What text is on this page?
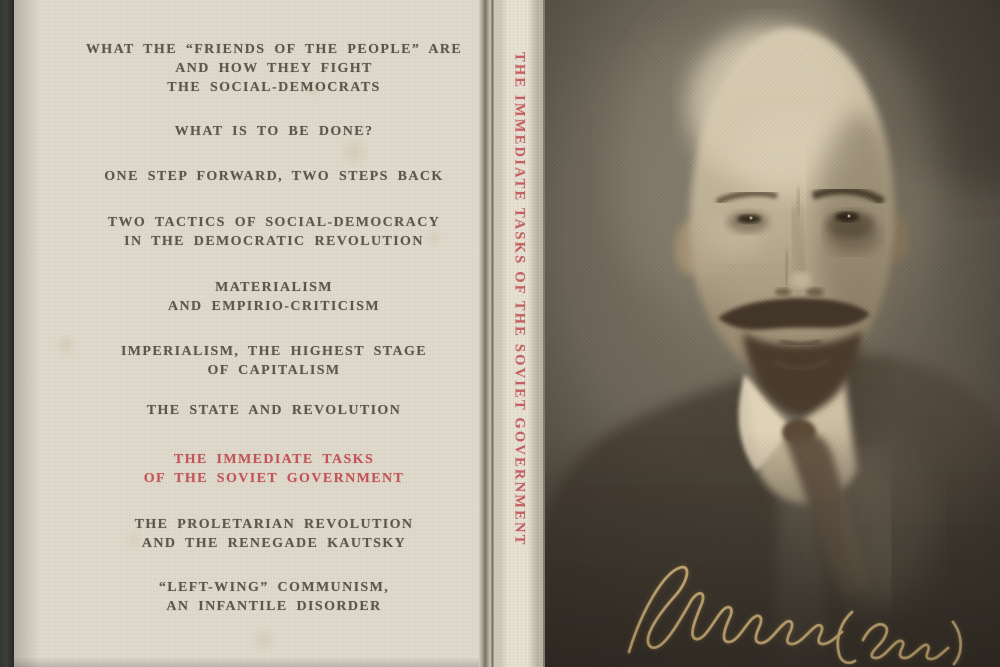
WHAT THE “FRIENDS OF THE PEOPLE” ARE
AND HOW THEY FIGHT
THE SOCIAL-DEMOCRATS
WHAT IS TO BE DONE?
ONE STEP FORWARD, TWO STEPS BACK
TWO TACTICS OF SOCIAL-DEMOCRACY
IN THE DEMOCRATIC REVOLUTION
MATERIALISM
AND EMPIRIO-CRITICISM
IMPERIALISM, THE HIGHEST STAGE
OF CAPITALISM
THE STATE AND REVOLUTION
THE IMMEDIATE TASKS
OF THE SOVIET GOVERNMENT
THE PROLETARIAN REVOLUTION
AND THE RENEGADE KAUTSKY
“LEFT-WING” COMMUNISM,
AN INFANTILE DISORDER
THE IMMEDIATE TASKS OF THE SOVIET GOVERNMENT
